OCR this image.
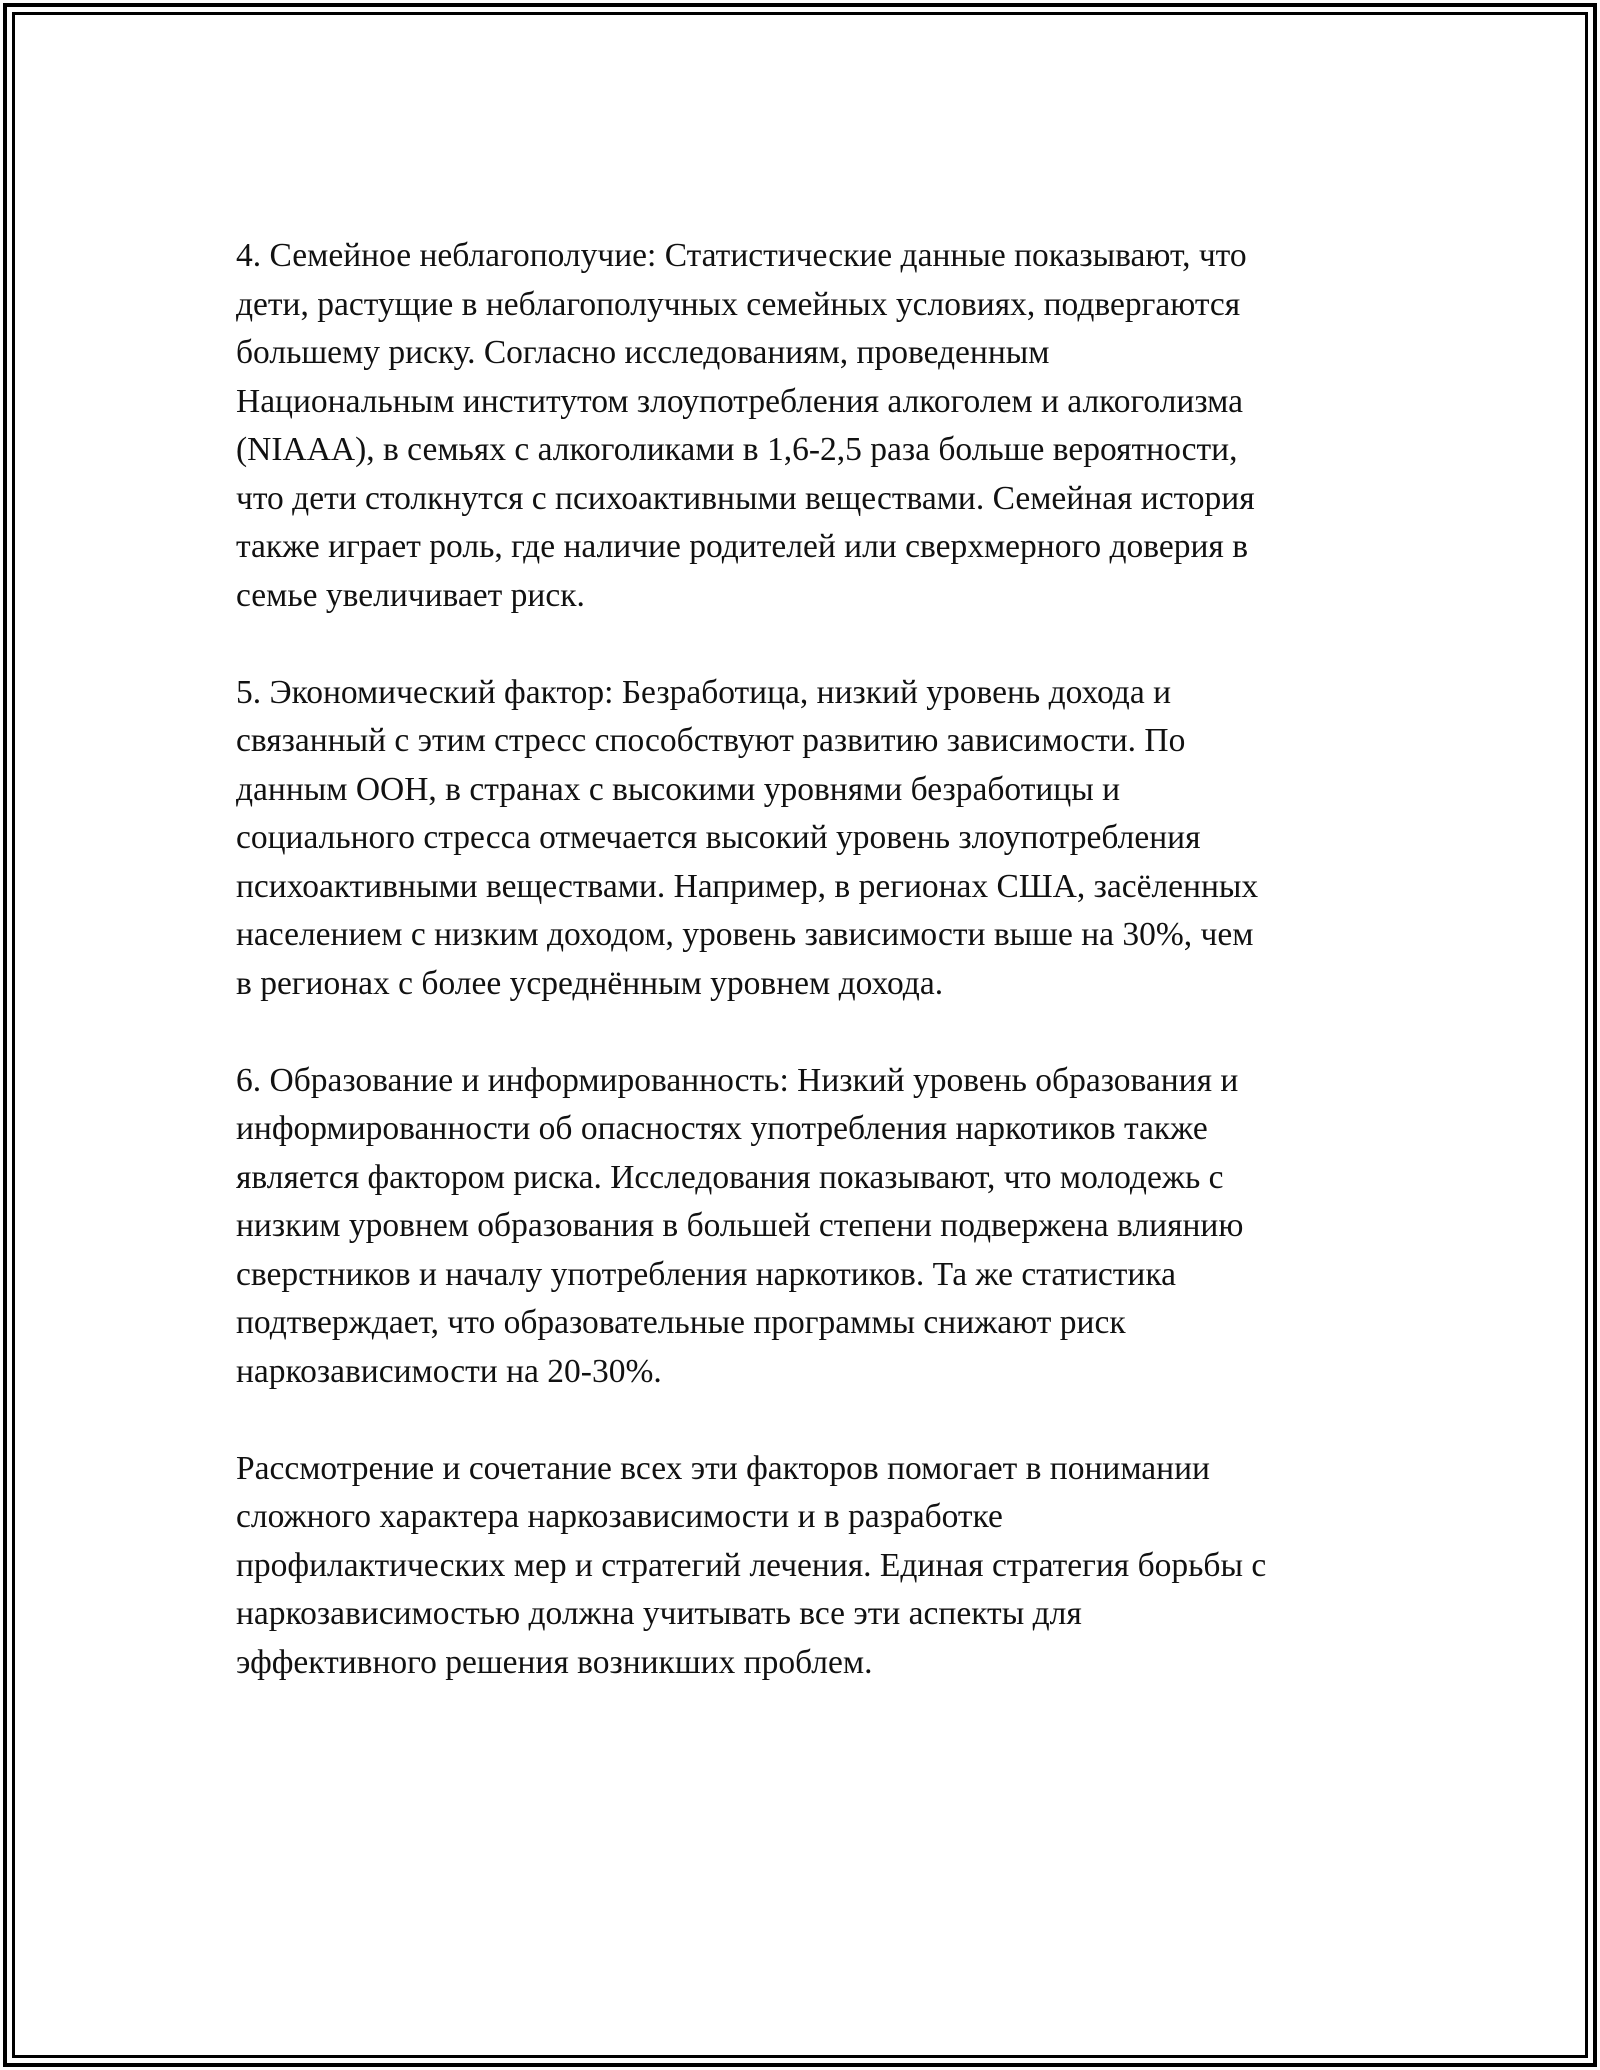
4. Семейное неблагополучие: Статистические данные показывают, что
дети, растущие в неблагополучных семейных условиях, подвергаются
большему риску. Согласно исследованиям, проведенным
Национальным институтом злоупотребления алкоголем и алкоголизма
(NIAAA), в семьях с алкоголиками в 1,6-2,5 раза больше вероятности,
что дети столкнутся с психоактивными веществами. Семейная история
также играет роль, где наличие родителей или сверхмерного доверия в
семье увеличивает риск.

5. Экономический фактор: Безработица, низкий уровень дохода и
связанный с этим стресс способствуют развитию зависимости. По
данным ООН, в странах с высокими уровнями безработицы и
социального стресса отмечается высокий уровень злоупотребления
психоактивными веществами. Например, в регионах США, засёленных
населением с низким доходом, уровень зависимости выше на 30%, чем
в регионах с более усреднённым уровнем дохода.

6. Образование и информированность: Низкий уровень образования и
информированности об опасностях употребления наркотиков также
является фактором риска. Исследования показывают, что молодежь с
низким уровнем образования в большей степени подвержена влиянию
сверстников и началу употребления наркотиков. Та же статистика
подтверждает, что образовательные программы снижают риск
наркозависимости на 20-30%.

Рассмотрение и сочетание всех эти факторов помогает в понимании
сложного характера наркозависимости и в разработке
профилактических мер и стратегий лечения. Единая стратегия борьбы с
наркозависимостью должна учитывать все эти аспекты для
эффективного решения возникших проблем.
